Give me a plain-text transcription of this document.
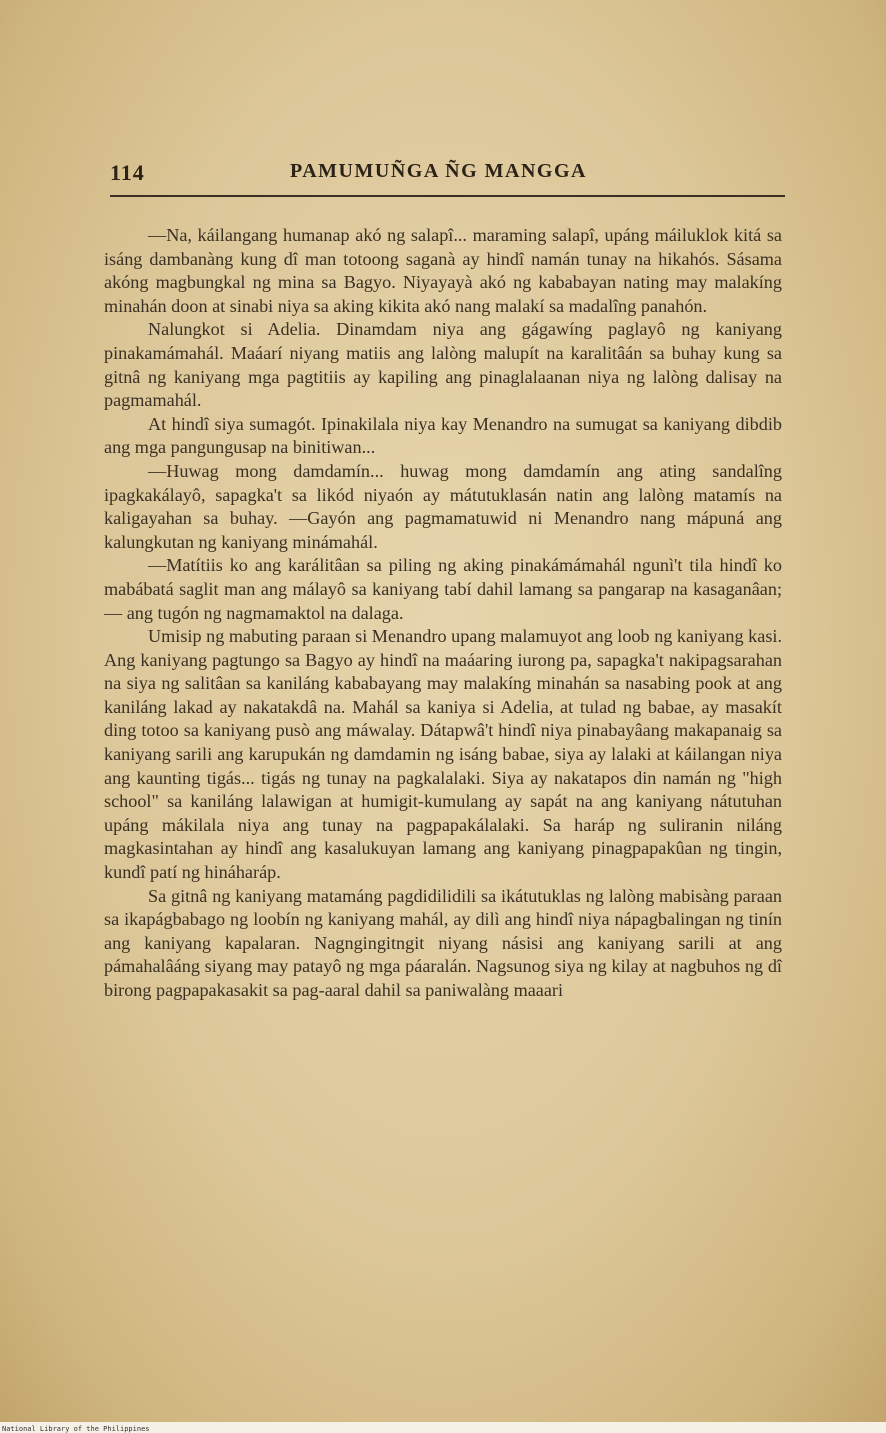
114	PAMUMUÑGA ÑG MANGGA

—Na, káilangang humanap akó ng salapî... maraming salapî, upáng máiluklok kitá sa isáng dambanàng kung dî man totoong saganà ay hindî namán tunay na hikahós. Sásama akóng magbungkal ng mina sa Bagyo. Niyayayà akó ng kababayan nating may malakíng minahán doon at sinabi niya sa aking kikita akó nang malakí sa madalîng panahón.

Nalungkot si Adelia. Dinamdam niya ang gágawíng paglayô ng kaniyang pinakamámahál. Maáarí niyang matiis ang lalòng malupít na karalitâán sa buhay kung sa gitnâ ng kaniyang mga pagtitiis ay kapiling ang pinaglalaanan niya ng lalòng dalisay na pagmamahál.

At hindî siya sumagót. Ipinakilala niya kay Menandro na sumugat sa kaniyang dibdib ang mga pangungusap na binitiwan...

—Huwag mong damdamín... huwag mong damdamín ang ating sandalîng ipagkakálayô, sapagka't sa likód niyaón ay mátutuklasán natin ang lalòng matamís na kaligayahan sa buhay. —Gayón ang pagmamatuwid ni Menandro nang mápuná ang kalungkutan ng kaniyang minámahál.

—Matítiis ko ang karálitâan sa piling ng aking pinakámámahál ngunì't tila hindî ko mabábatá saglit man ang málayô sa kaniyang tabí dahil lamang sa pangarap na kasaganâan;— ang tugón ng nagmamaktol na dalaga.

Umisip ng mabuting paraan si Menandro upang malamuyot ang loob ng kaniyang kasi. Ang kaniyang pagtungo sa Bagyo ay hindî na maáaring iurong pa, sapagka't nakipagsarahan na siya ng salitâan sa kaniláng kababayang may malakíng minahán sa nasabing pook at ang kaniláng lakad ay nakatakdâ na. Mahál sa kaniya si Adelia, at tulad ng babae, ay masakít ding totoo sa kaniyang pusò ang máwalay. Dátapwâ't hindî niya pinabayâang makapanaig sa kaniyang sarili ang karupukán ng damdamin ng isáng babae, siya ay lalaki at káilangan niya ang kaunting tigás... tigás ng tunay na pagkalalaki. Siya ay nakatapos din namán ng "high school" sa kaniláng lalawigan at humigit-kumulang ay sapát na ang kaniyang nátutuhan upáng mákilala niya ang tunay na pagpapakálalaki. Sa haráp ng suliranin niláng magkasintahan ay hindî ang kasalukuyan lamang ang kaniyang pinagpapakûan ng tingin, kundî patí ng hináharáp.

Sa gitnâ ng kaniyang matamáng pagdidilidili sa ikátutuklas ng lalòng mabisàng paraan sa ikapágbabago ng loobín ng kaniyang mahál, ay dilì ang hindî niya nápagbalingan ng tinín ang kaniyang kapalaran. Nagngingitngit niyang násisi ang kaniyang sarili at ang pámahalâáng siyang may patayô ng mga páaralán. Nagsunog siya ng kilay at nagbuhos ng dî birong pagpapakasakit sa pag-aaral dahil sa paniwalàng maaari

National Library of the Philippines
